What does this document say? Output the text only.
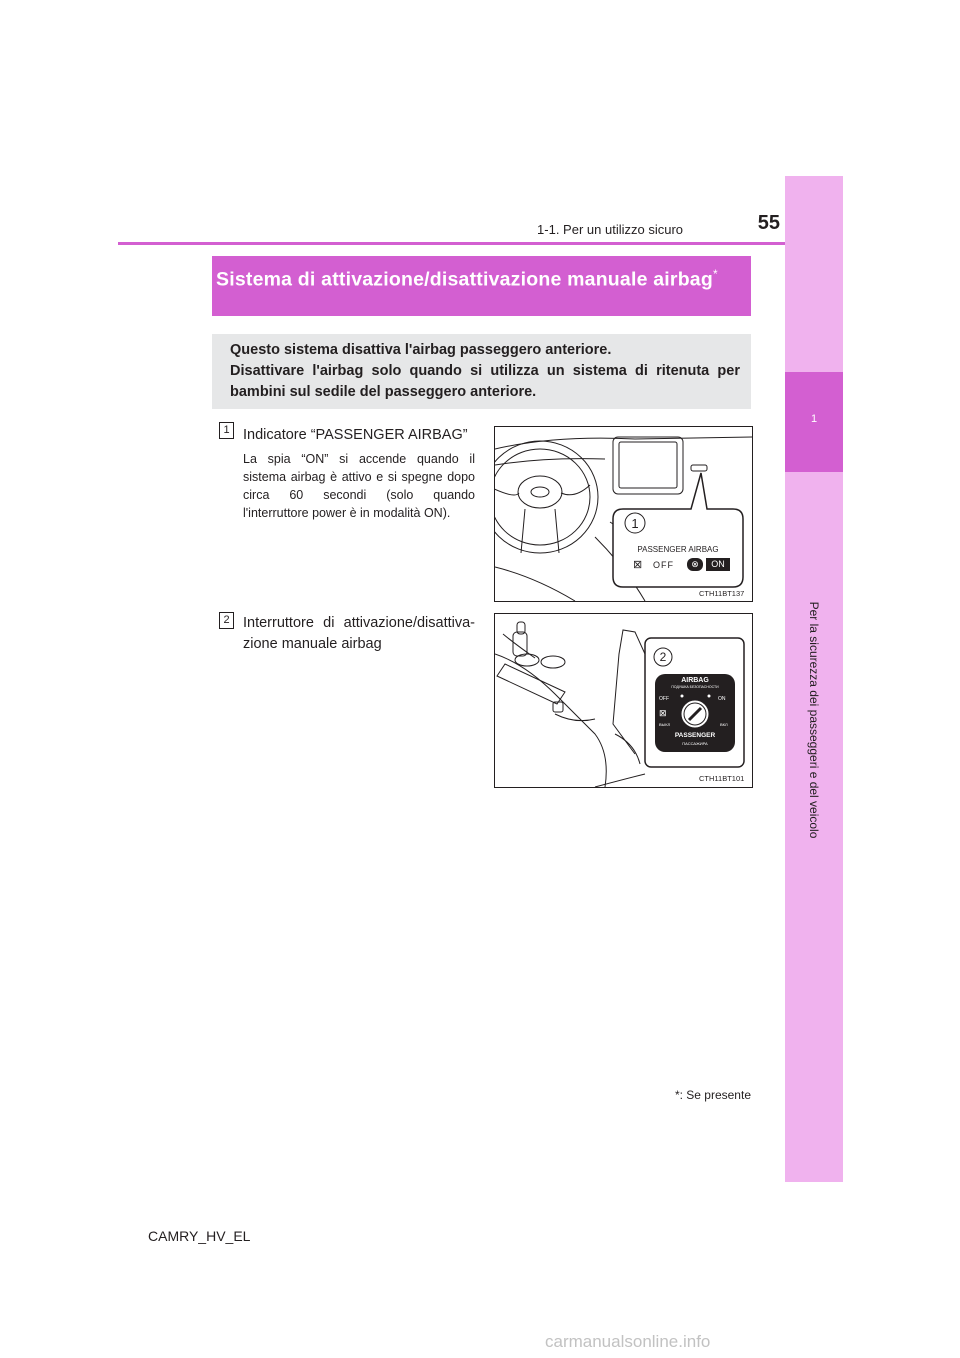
1
Per la sicurezza dei passeggeri e del veicolo
1-1. Per un utilizzo sicuro	55
Sistema di attivazione/disattivazione manuale airbag*
Questo sistema disattiva l'airbag passeggero anteriore.
Disattivare l'airbag solo quando si utilizza un sistema di ritenuta per
bambini sul sedile del passeggero anteriore.
1 Indicatore “PASSENGER AIRBAG”
La spia “ON” si accende quando il sistema airbag è attivo e si spegne dopo circa 60 secondi (solo quando l'interruttore power è in modalità ON).
2 Interruttore di attivazione/disattiva-zione manuale airbag
1
PASSENGER AIRBAG
⊠ OFF	⊗	ON
CTH11BT137
2
AIRBAG
ПОДУШКА БЕЗОПАСНОСТИ
OFF	ON
⊠
ВЫКЛ	ВКЛ
PASSENGER
ПАССАЖИРА
CTH11BT101
*: Se presente
CAMRY_HV_EL
carmanualsonline.info
